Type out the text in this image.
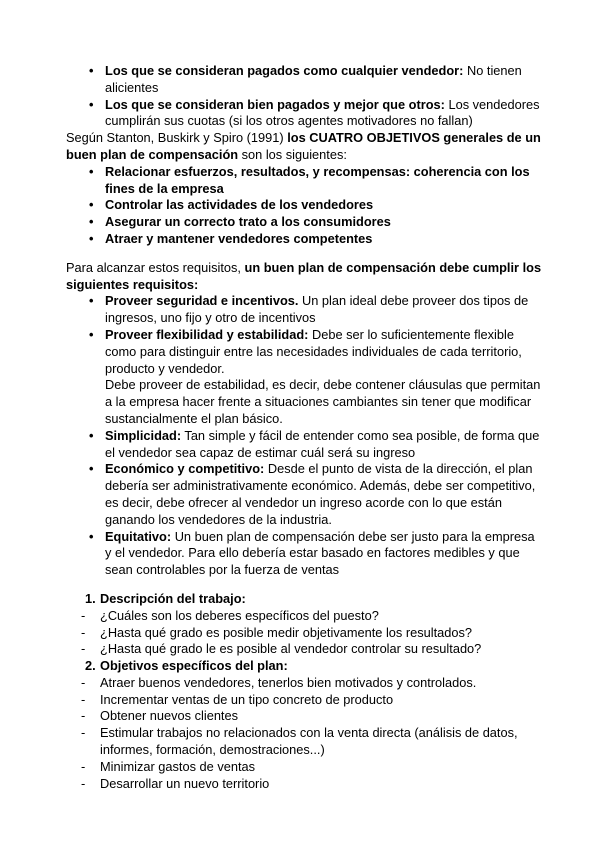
• Los que se consideran pagados como cualquier vendedor: No tienen alicientes
• Los que se consideran bien pagados y mejor que otros: Los vendedores cumplirán sus cuotas (si los otros agentes motivadores no fallan)

Según Stanton, Buskirk y Spiro (1991) los CUATRO OBJETIVOS generales de un buen plan de compensación son los siguientes:

• Relacionar esfuerzos, resultados, y recompensas: coherencia con los fines de la empresa
• Controlar las actividades de los vendedores
• Asegurar un correcto trato a los consumidores
• Atraer y mantener vendedores competentes

Para alcanzar estos requisitos, un buen plan de compensación debe cumplir los siguientes requisitos:

• Proveer seguridad e incentivos. Un plan ideal debe proveer dos tipos de ingresos, uno fijo y otro de incentivos
• Proveer flexibilidad y estabilidad: Debe ser lo suficientemente flexible como para distinguir entre las necesidades individuales de cada territorio, producto y vendedor.
Debe proveer de estabilidad, es decir, debe contener cláusulas que permitan a la empresa hacer frente a situaciones cambiantes sin tener que modificar sustancialmente el plan básico.
• Simplicidad: Tan simple y fácil de entender como sea posible, de forma que el vendedor sea capaz de estimar cuál será su ingreso
• Económico y competitivo: Desde el punto de vista de la dirección, el plan debería ser administrativamente económico. Además, debe ser competitivo, es decir, debe ofrecer al vendedor un ingreso acorde con lo que están ganando los vendedores de la industria.
• Equitativo: Un buen plan de compensación debe ser justo para la empresa y el vendedor. Para ello debería estar basado en factores medibles y que sean controlables por la fuerza de ventas
1. Descripción del trabajo:
- ¿Cuáles son los deberes específicos del puesto?
- ¿Hasta qué grado es posible medir objetivamente los resultados?
- ¿Hasta qué grado le es posible al vendedor controlar su resultado?
2. Objetivos específicos del plan:
- Atraer buenos vendedores, tenerlos bien motivados y controlados.
- Incrementar ventas de un tipo concreto de producto
- Obtener nuevos clientes
- Estimular trabajos no relacionados con la venta directa (análisis de datos, informes, formación, demostraciones...)
- Minimizar gastos de ventas
- Desarrollar un nuevo territorio
